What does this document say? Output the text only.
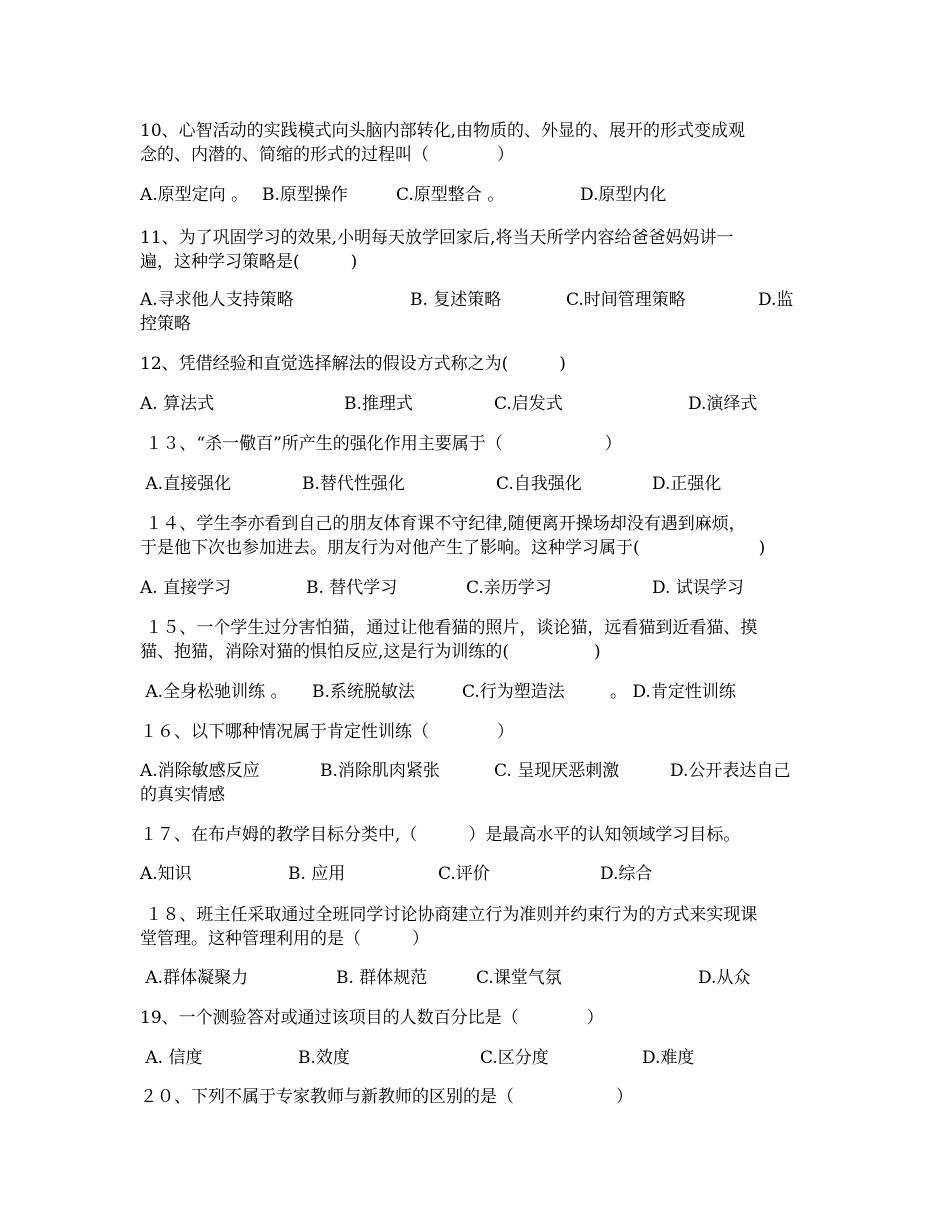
10、心智活动的实践模式向头脑内部转化,由物质的、外显的、展开的形式变成观
念的、内潜的、简缩的形式的过程叫（　　　　）
A.原型定向 。 B.原型操作	C.原型整合 。	D.原型内化
11、为了巩固学习的效果,小明每天放学回家后,将当天所学内容给爸爸妈妈讲一
遍，这种学习策略是(　　　)
A.寻求他人支持策略	B. 复述策略	C.时间管理策略	D.监
控策略
12、凭借经验和直觉选择解法的假设方式称之为(　　　)
A. 算法式	B.推理式	C.启发式	D.演绎式
１３、“杀一儆百”所产生的强化作用主要属于（　　　　　　）
A.直接强化	B.替代性强化	C.自我强化	D.正强化
１４、学生李亦看到自己的朋友体育课不守纪律,随便离开操场却没有遇到麻烦，
于是他下次也参加进去。朋友行为对他产生了影响。这种学习属于(　　　　　　　)
A. 直接学习	B. 替代学习	C.亲历学习	D. 试误学习
１５、一个学生过分害怕猫，通过让他看猫的照片，谈论猫，远看猫到近看猫、摸
猫、抱猫，消除对猫的惧怕反应,这是行为训练的(　　　　　)
A.全身松驰训练 。 B.系统脱敏法	C.行为塑造法	。 D.肯定性训练
１６、以下哪种情况属于肯定性训练（　　　　）
A.消除敏感反应	B.消除肌肉紧张	C. 呈现厌恶刺激	D.公开表达自己
的真实情感
１７、在布卢姆的教学目标分类中,（　　　）是最高水平的认知领域学习目标。
A.知识	B. 应用	C.评价	D.综合
１８、班主任采取通过全班同学讨论协商建立行为准则并约束行为的方式来实现课
堂管理。这种管理利用的是（　　　）
A.群体凝聚力	B. 群体规范	C.课堂气氛	D.从众
19、一个测验答对或通过该项目的人数百分比是（　　　　）
A. 信度	B.效度	C.区分度	D.难度
２０、下列不属于专家教师与新教师的区别的是（　　　　　　）
